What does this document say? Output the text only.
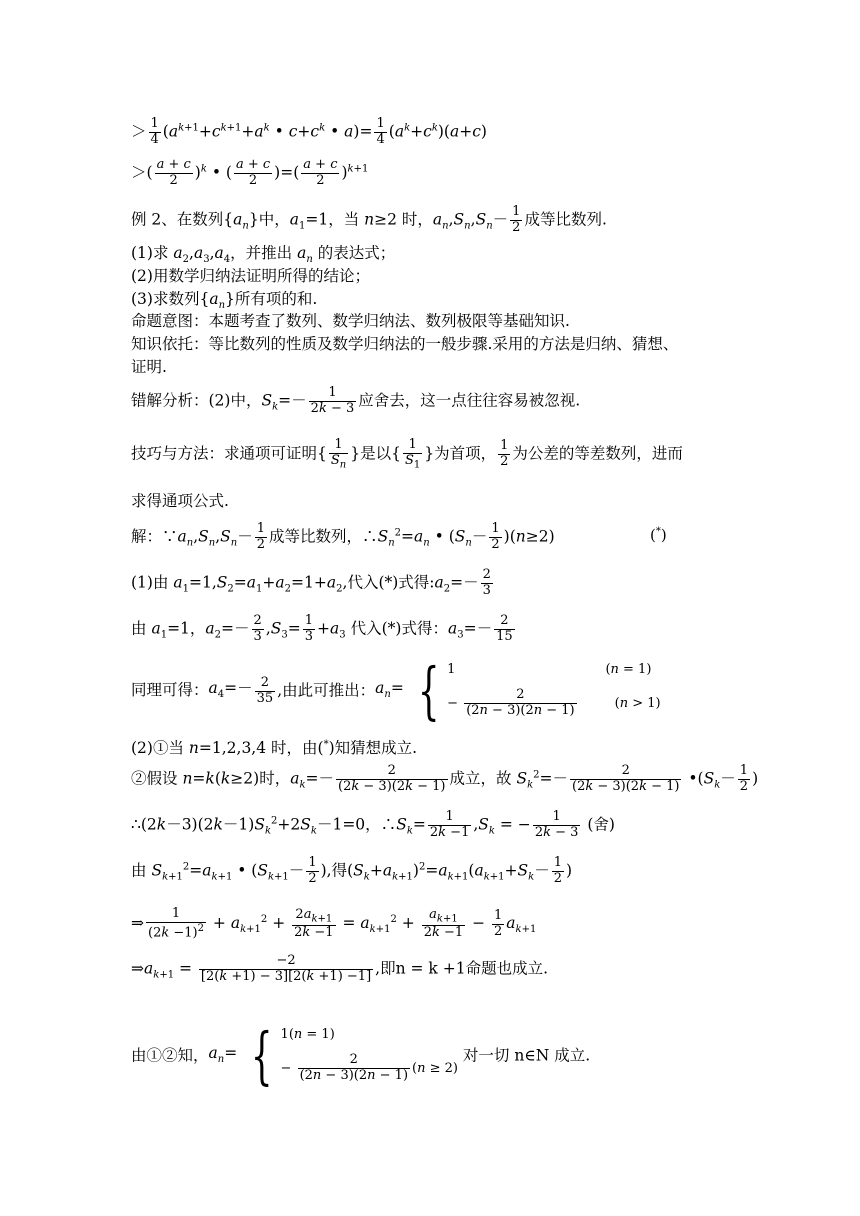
＞ $\frac{1}{4} (a^{k+1}+c^{k+1}+a^k$ • $c+c^k$ • $a)= \frac{1}{4} (a^k+c^k)(a+c)$
＞( $\frac{a + c}{2} )^k$ • ( $\frac{a + c}{2}$ )=( $\frac{a + c}{2} )^{k+1}$
例 2、在数列$\{a_n\}$中，$a_1=1$，当 n≥2 时，$a_n,S_n,S_n- \frac{1}{2}$ 成等比数列.
(1)求 $a_2,a_3,a_4$，并推出 $a_n$ 的表达式；
(2)用数学归纳法证明所得的结论；
(3)求数列$\{a_n\}$所有项的和.
命题意图：本题考查了数列、数学归纳法、数列极限等基础知识.
知识依托：等比数列的性质及数学归纳法的一般步骤.采用的方法是归纳、猜想、
证明.
错解分析：(2)中，$S_k=- \frac{1}{2k - 3}$ 应舍去，这一点往往容易被忽视.
技巧与方法：求通项可证明{ $\frac{1}{S_n}$ }是以{ $\frac{1}{S_1}$ }为首项， $\frac{1}{2}$ 为公差的等差数列，进而
求得通项公式.
解：$\because a_n,S_n,S_n- \frac{1}{2}$ 成等比数列，$\therefore S_n^2=a_n$ • $(S_n- \frac{1}{2} )(n\ge 2)$	(*)
(1)由 $a_1=1,S_2=a_1+a_2=1+a_2$,代入(*)式得$:a_2=- \frac{2}{3}$
由 $a_1=1$，$a_2=- \frac{2}{3} ,S_3= \frac{1}{3} +a_3$ 代入(*)式得：$a_3=- \frac{2}{15}$
同理可得：$a_4=- \frac{2}{35}$ ,由此可推出：$a_n=$ { 1	(n = 1)
− $\frac{2}{(2n - 3)(2n - 1)}$	(n > 1)
(2)①当 n=1,2,3,4 时，由(*)知猜想成立.
②假设 n=k(k≥2)时，$a_k=- \frac{2}{(2k - 3)(2k - 1)}$ 成立，故 $S_k^2=- \frac{2}{(2k - 3)(2k - 1)}$ $•(S_k- \frac{1}{2}$ )
$\therefore(2k-3)(2k-1)S_k^2+2S_k-1=0$，$\therefore S_k= \frac{1}{2k -1} ,S_k$ = − $\frac{1}{2k - 3}$ (舍)
由 $S_{k+1}^2=a_{k+1}$ • ($S_{k+1}- \frac{1}{2}$ ),得$(S_k+a_{k+1})^2=a_{k+1}(a_{k+1}+S_k- \frac{1}{2}$ )
⇒ $\frac{1}{(2k -1)^2} + a_{k+1}^2 + \frac{2a_{k+1}}{2k -1} = a_{k+1}^2 + \frac{a_{k+1}}{2k -1} - \frac{1}{2} a_{k+1}$
$\Rightarrow a_{k+1} = \frac{-2}{[2(k +1) - 3][2(k +1) -1]}$ ,即n = k +1命题也成立.
由①②知，$a_n=$ { 1(n = 1)
− $\frac{2}{(2n - 3)(2n - 1)} (n \ge 2)$
对一切 n∈N 成立.
